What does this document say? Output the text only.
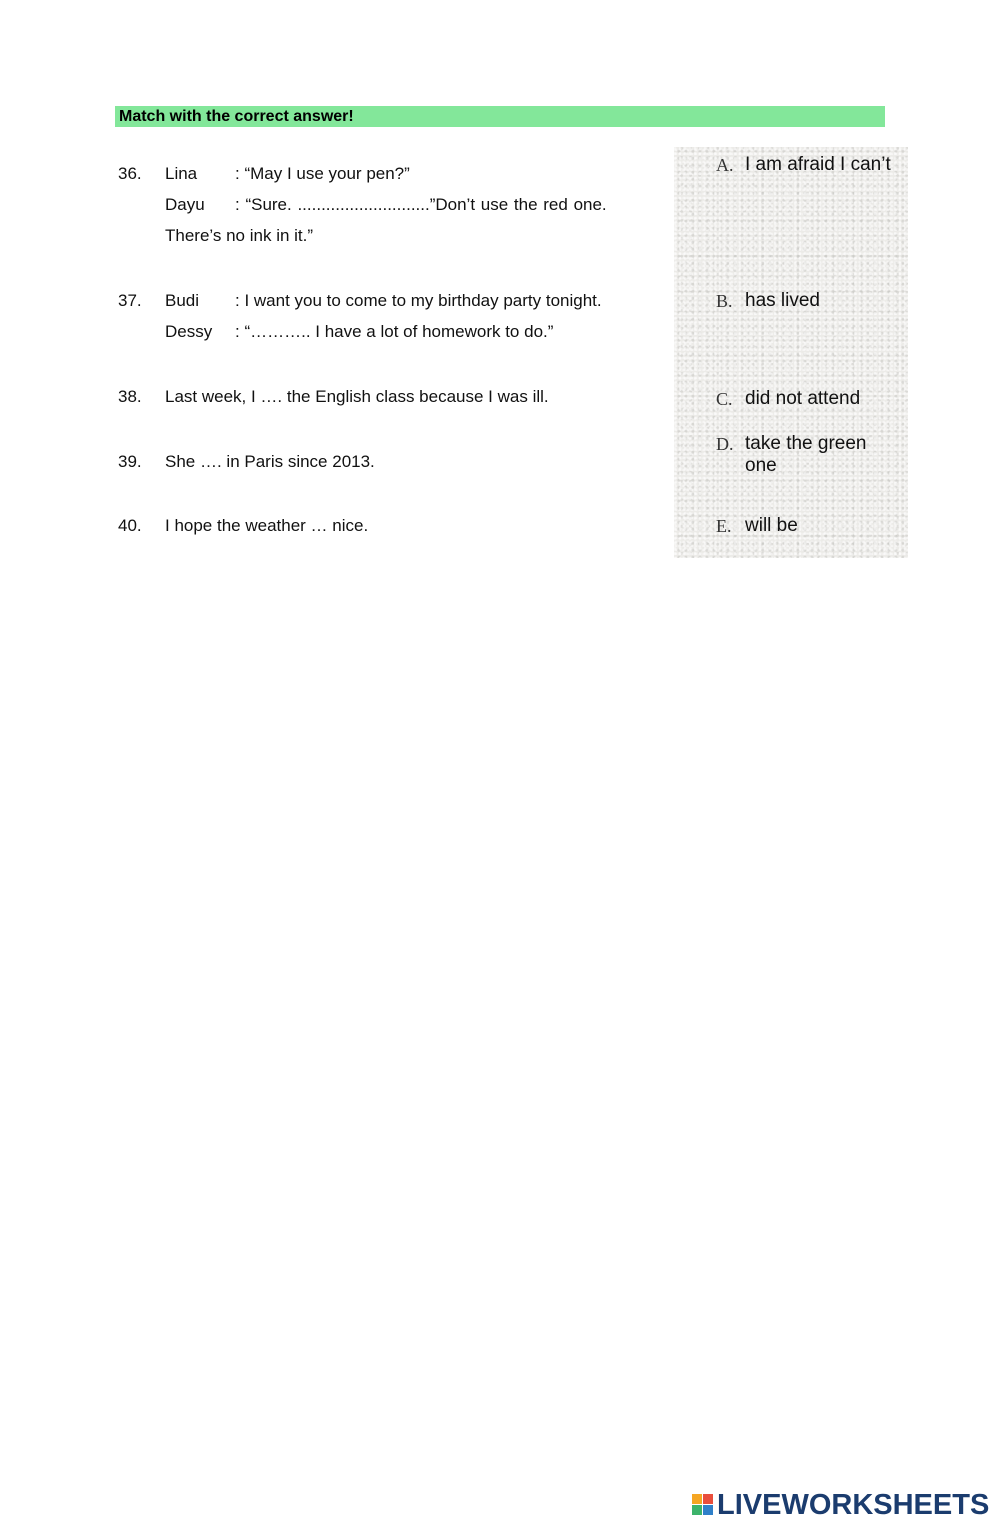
Match with the correct answer!
36. Lina : “May I use your pen?”
Dayu : “Sure. ............................”Don’t use the red one.
There’s no ink in it.”
37. Budi : I want you to come to my birthday party tonight.
Dessy : “……….. I have a lot of homework to do.”
38. Last week, I …. the English class because I was ill.
39. She …. in Paris since 2013.
40. I hope the weather … nice.
A. I am afraid I can’t
B. has lived
C. did not attend
D. take the green one
E. will be
LIVEWORKSHEETS
